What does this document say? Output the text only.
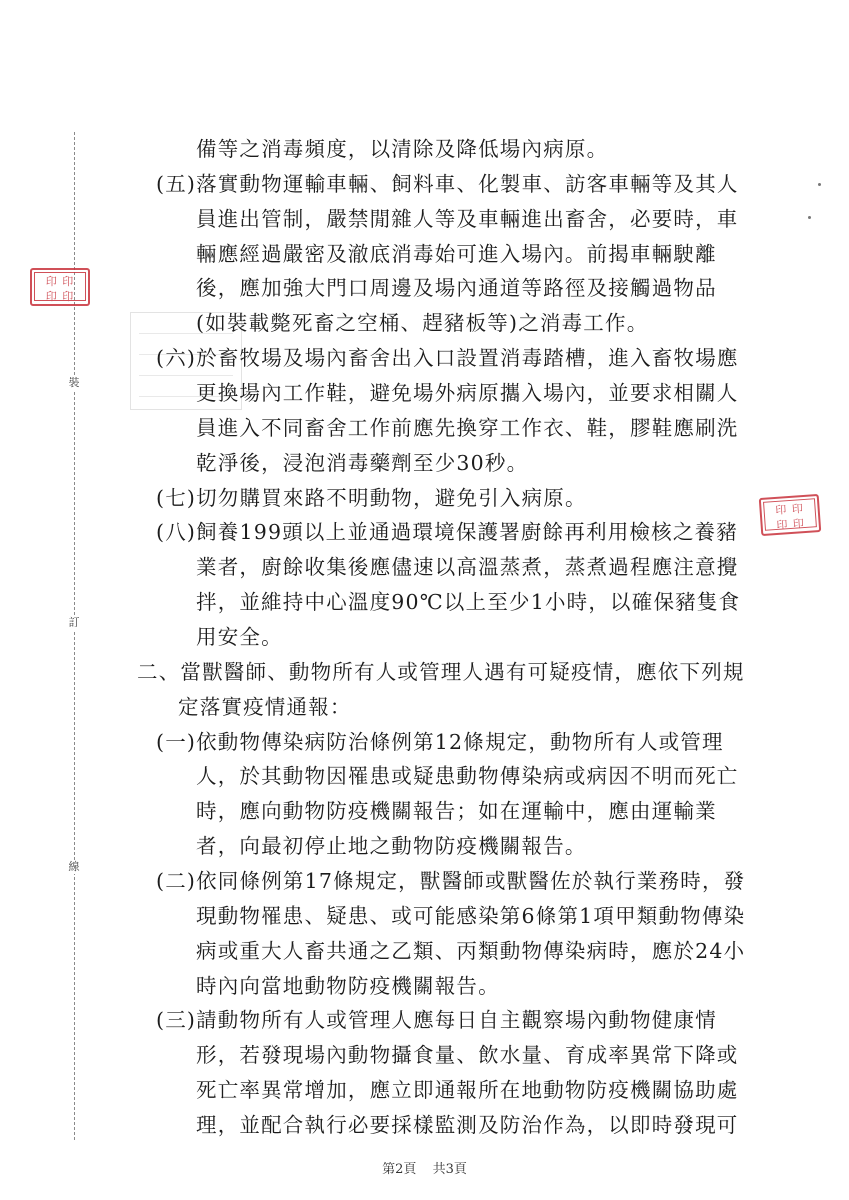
裝
訂
線
印 印
印 印
印 印
印 印
備等之消毒頻度，以清除及降低場內病原。
(五)落實動物運輸車輛、飼料車、化製車、訪客車輛等及其人
員進出管制，嚴禁閒雜人等及車輛進出畜舍，必要時，車
輛應經過嚴密及澈底消毒始可進入場內。前揭車輛駛離
後，應加強大門口周邊及場內通道等路徑及接觸過物品
(如裝載斃死畜之空桶、趕豬板等)之消毒工作。
(六)於畜牧場及場內畜舍出入口設置消毒踏槽，進入畜牧場應
更換場內工作鞋，避免場外病原攜入場內，並要求相關人
員進入不同畜舍工作前應先換穿工作衣、鞋，膠鞋應刷洗
乾淨後，浸泡消毒藥劑至少30秒。
(七)切勿購買來路不明動物，避免引入病原。
(八)飼養199頭以上並通過環境保護署廚餘再利用檢核之養豬
業者，廚餘收集後應儘速以高溫蒸煮，蒸煮過程應注意攪
拌，並維持中心溫度90℃以上至少1小時，以確保豬隻食
用安全。
二、當獸醫師、動物所有人或管理人遇有可疑疫情，應依下列規
定落實疫情通報：
(一)依動物傳染病防治條例第12條規定，動物所有人或管理
人，於其動物因罹患或疑患動物傳染病或病因不明而死亡
時，應向動物防疫機關報告；如在運輸中，應由運輸業
者，向最初停止地之動物防疫機關報告。
(二)依同條例第17條規定，獸醫師或獸醫佐於執行業務時，發
現動物罹患、疑患、或可能感染第6條第1項甲類動物傳染
病或重大人畜共通之乙類、丙類動物傳染病時，應於24小
時內向當地動物防疫機關報告。
(三)請動物所有人或管理人應每日自主觀察場內動物健康情
形，若發現場內動物攝食量、飲水量、育成率異常下降或
死亡率異常增加，應立即通報所在地動物防疫機關協助處
理，並配合執行必要採樣監測及防治作為，以即時發現可
第2頁 共3頁
